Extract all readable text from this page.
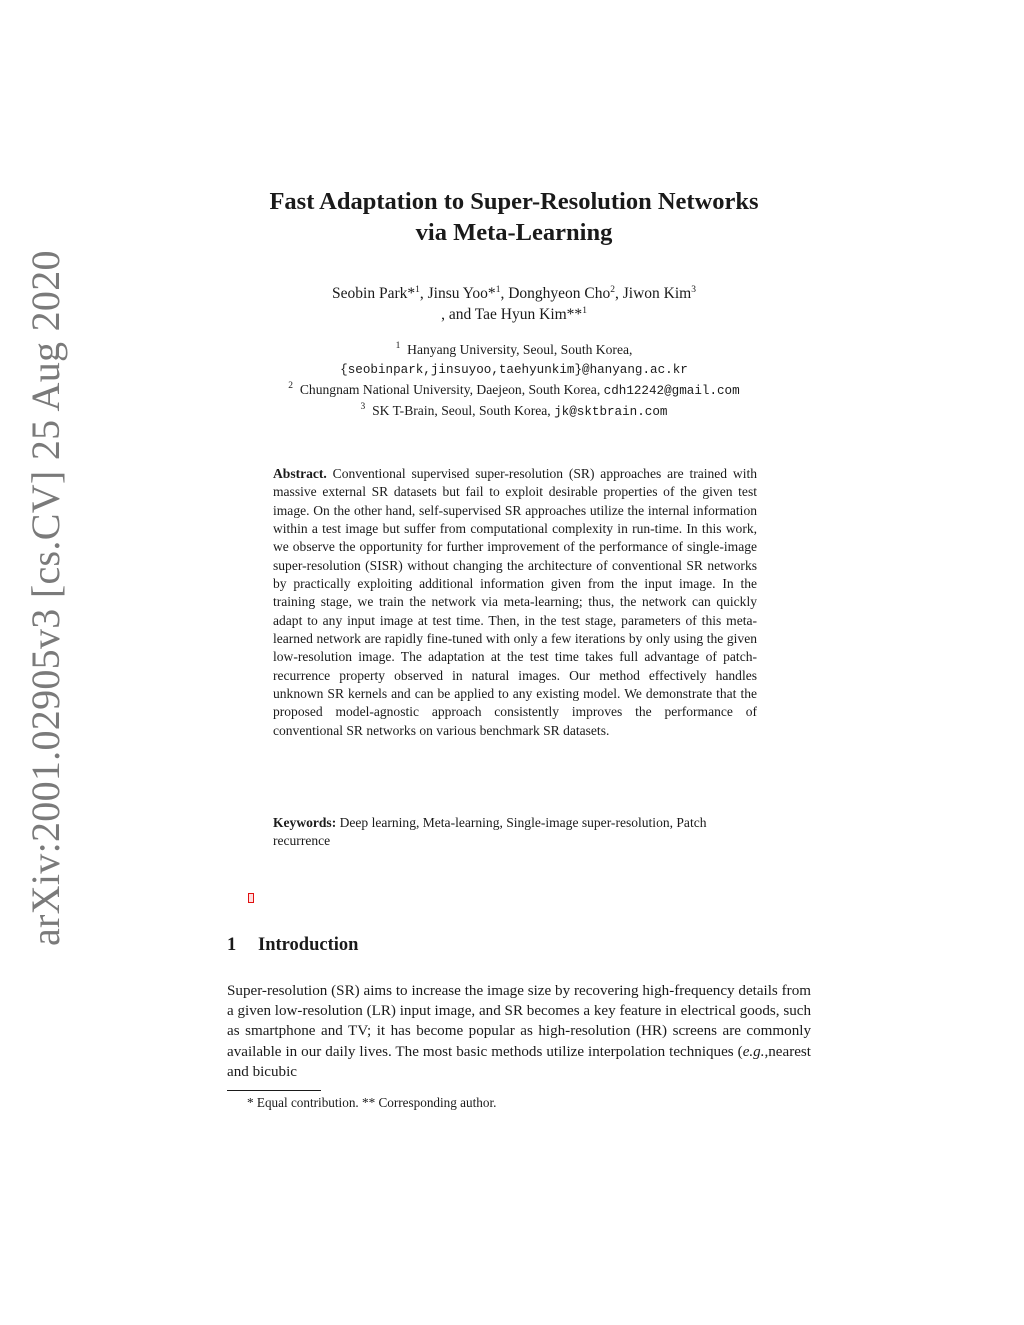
arXiv:2001.02905v3 [cs.CV] 25 Aug 2020
Fast Adaptation to Super-Resolution Networks
via Meta-Learning
Seobin Park*$^1$, Jinsu Yoo*$^1$, Donghyeon Cho$^2$, Jiwon Kim$^3$
, and Tae Hyun Kim**$^1$
$^1$ Hanyang University, Seoul, South Korea,
{seobinpark,jinsuyoo,taehyunkim}@hanyang.ac.kr
$^2$ Chungnam National University, Daejeon, South Korea, cdh12242@gmail.com
$^3$ SK T-Brain, Seoul, South Korea, jk@sktbrain.com

Abstract. Conventional supervised super-resolution (SR) approaches are trained with massive external SR datasets but fail to exploit desirable properties of the given test image. On the other hand, self-supervised SR approaches utilize the internal information within a test image but suffer from computational complexity in run-time. In this work, we observe the opportunity for further improvement of the performance of single-image super-resolution (SISR) without changing the architecture of conventional SR networks by practically exploiting additional information given from the input image. In the training stage, we train the network via meta-learning; thus, the network can quickly adapt to any input image at test time. Then, in the test stage, parameters of this meta-learned network are rapidly fine-tuned with only a few iterations by only using the given low-resolution image. The adaptation at the test time takes full advantage of patch-recurrence property observed in natural images. Our method effectively handles unknown SR kernels and can be applied to any existing model. We demonstrate that the proposed model-agnostic approach consistently improves the performance of conventional SR networks on various benchmark SR datasets.

Keywords: Deep learning, Meta-learning, Single-image super-resolution, Patch recurrence

1 Introduction

Super-resolution (SR) aims to increase the image size by recovering high-frequency details from a given low-resolution (LR) input image, and SR becomes a key feature in electrical goods, such as smartphone and TV; it has become popular as high-resolution (HR) screens are commonly available in our daily lives. The most basic methods utilize interpolation techniques (e.g.,nearest and bicubic

* Equal contribution. ** Corresponding author.
